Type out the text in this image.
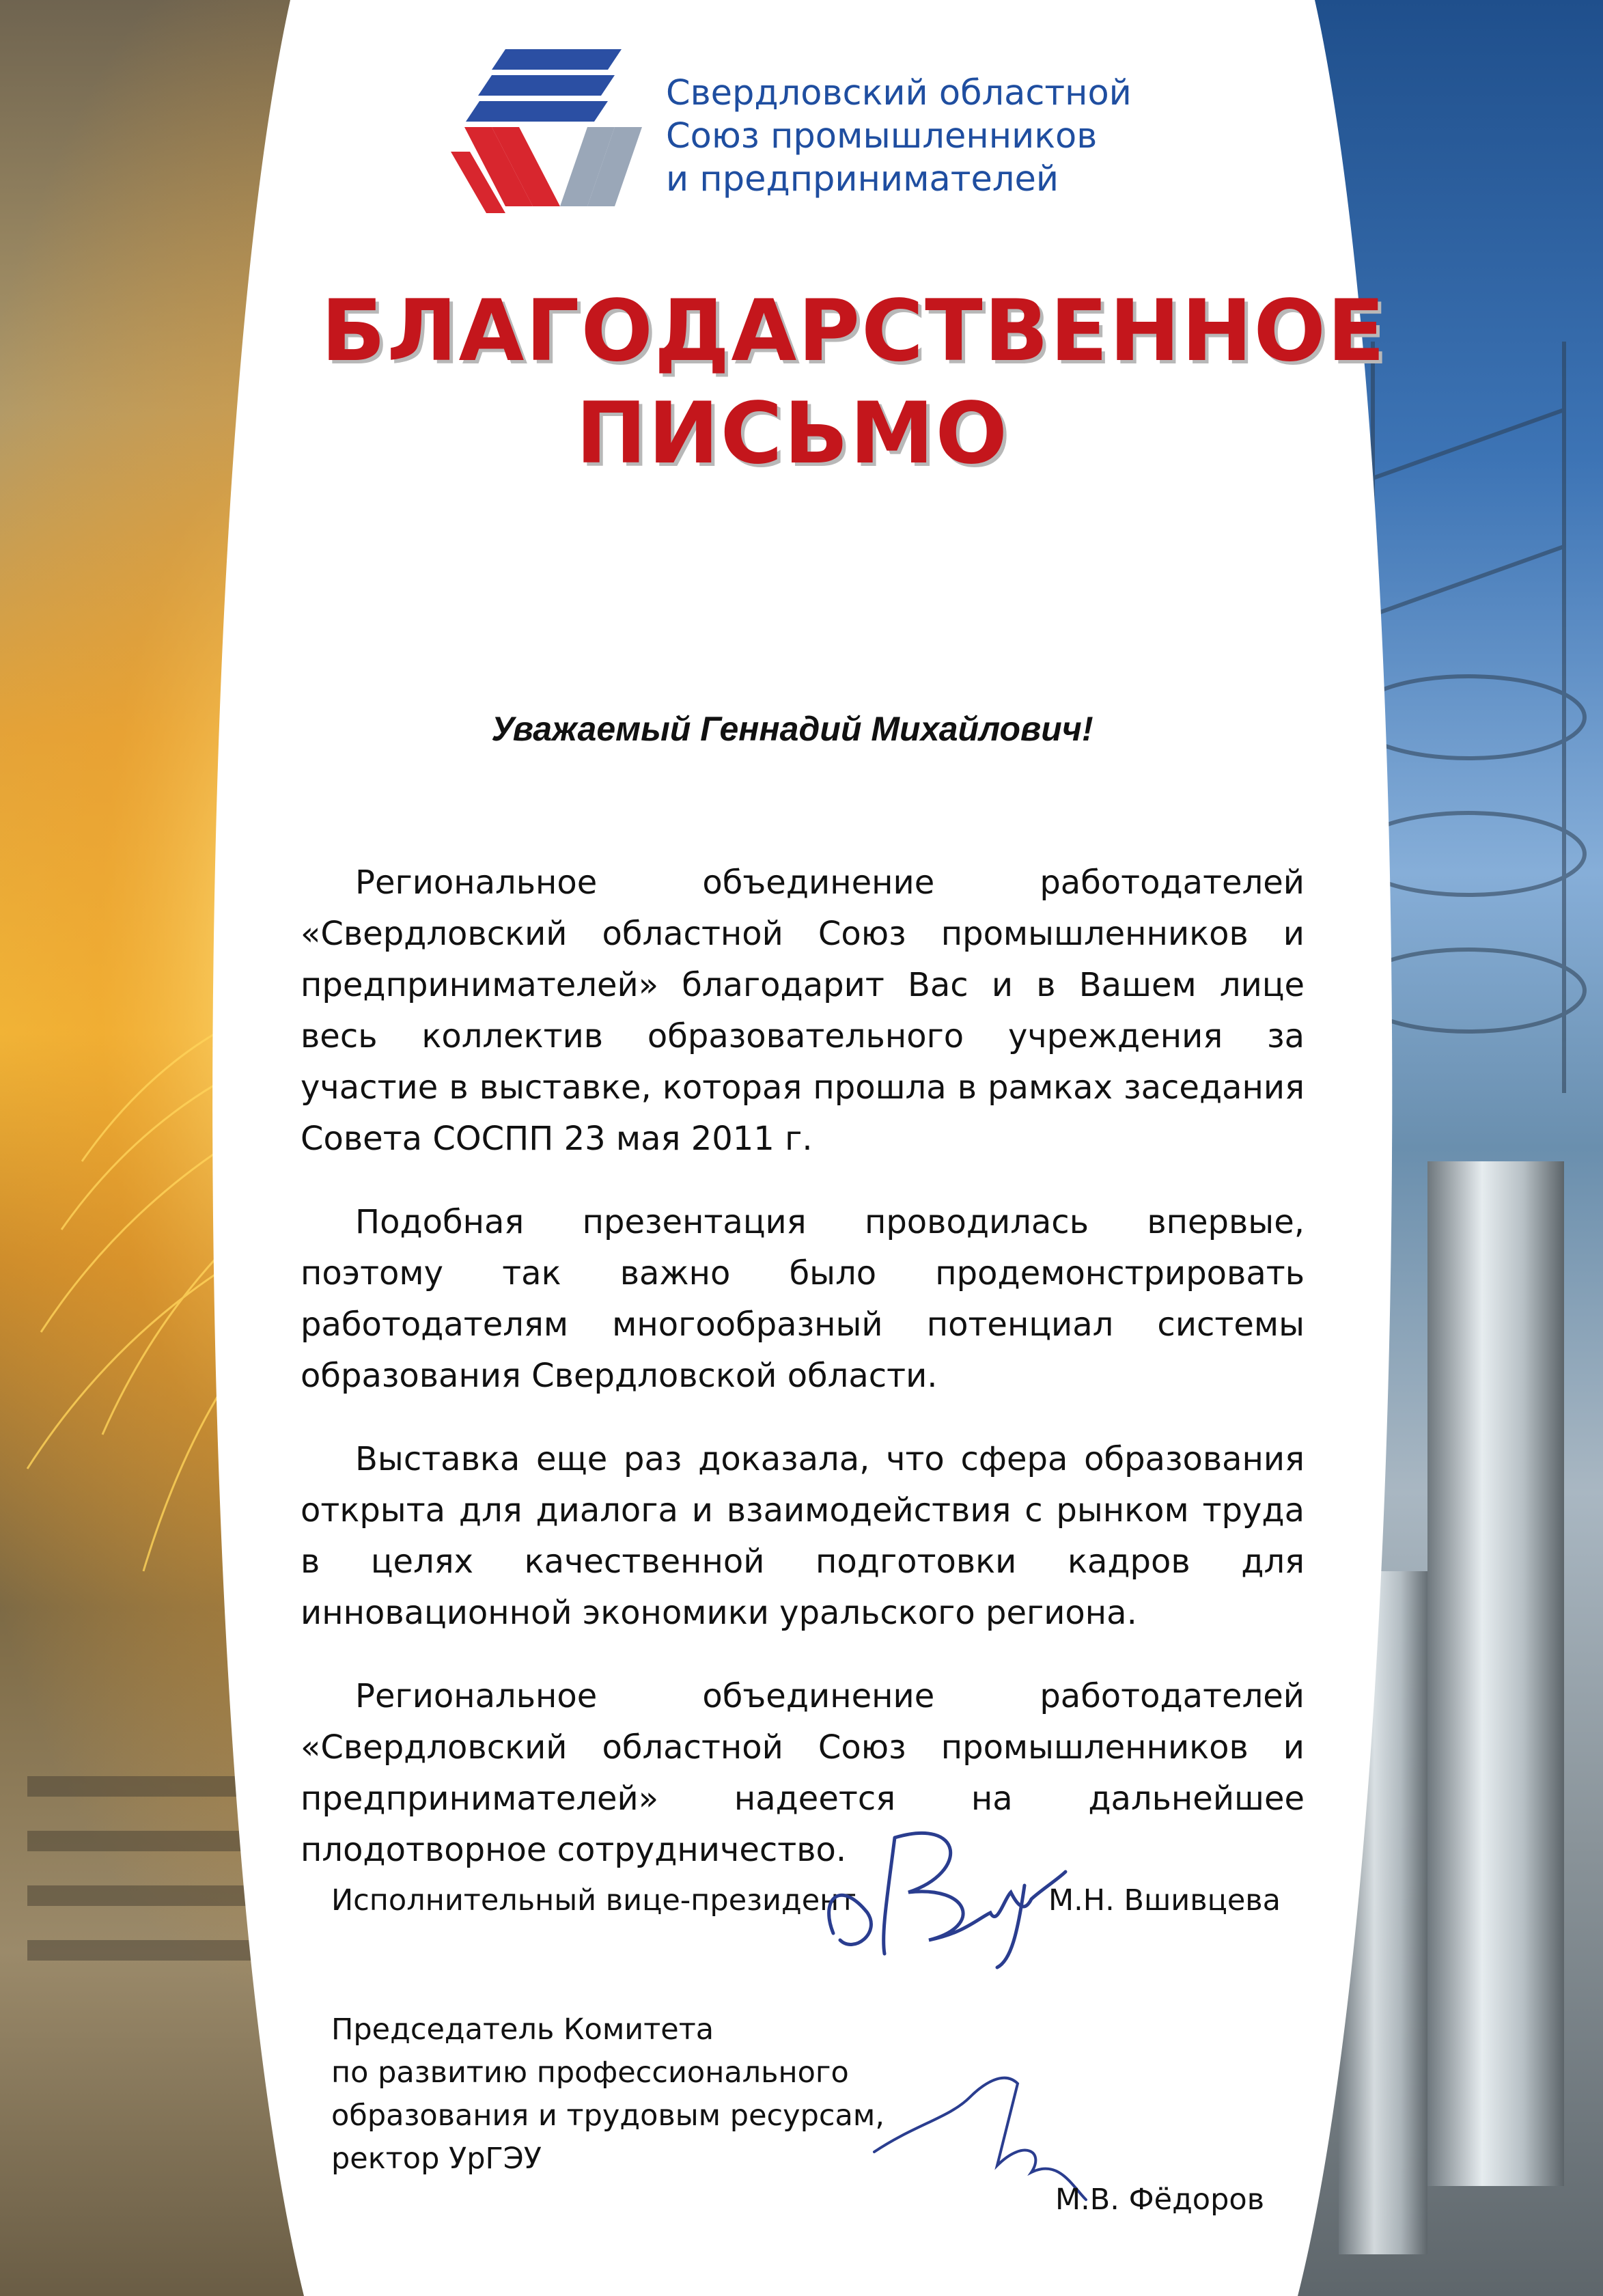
Свердловский областной
Союз промышленников
и предпринимателей
БЛАГОДАРСТВЕННОЕ
ПИСЬМО
Уважаемый Геннадий Михайлович!
Региональное объединение работодателей «Свердловский областной Союз промышленников и предпринимателей» благодарит Вас и в Вашем лице весь коллектив образовательного учреждения за участие в выставке, которая прошла в рамках заседания Совета СОСПП 23 мая 2011 г.
Подобная презентация проводилась впервые, поэтому так важно было продемонстрировать работодателям многообразный потенциал системы образования Свердловской области.
Выставка еще раз доказала, что сфера образования открыта для диалога и взаимодействия с рынком труда в целях качественной подготовки кадров для инновационной экономики уральского региона.
Региональное объединение работодателей «Свердловский областной Союз промышленников и предпринимателей» надеется на дальнейшее плодотворное сотрудничество.
Исполнительный вице-президент	М.Н. Вшивцева
Председатель Комитета
по развитию профессионального
образования и трудовым ресурсам,
ректор УрГЭУ
М.В. Фёдоров
